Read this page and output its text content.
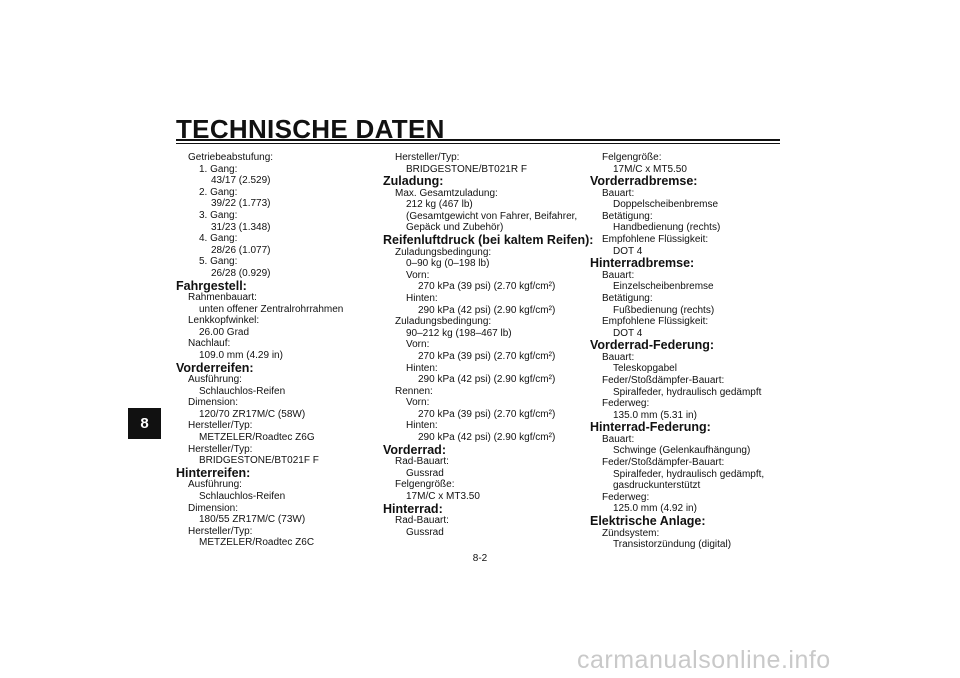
TECHNISCHE DATEN
8
Getriebeabstufung:
1. Gang:
43/17 (2.529)
2. Gang:
39/22 (1.773)
3. Gang:
31/23 (1.348)
4. Gang:
28/26 (1.077)
5. Gang:
26/28 (0.929)
Fahrgestell:
Rahmenbauart:
unten offener Zentralrohrrahmen
Lenkkopfwinkel:
26.00 Grad
Nachlauf:
109.0 mm (4.29 in)
Vorderreifen:
Ausführung:
Schlauchlos-Reifen
Dimension:
120/70 ZR17M/C (58W)
Hersteller/Typ:
METZELER/Roadtec Z6G
Hersteller/Typ:
BRIDGESTONE/BT021F F
Hinterreifen:
Ausführung:
Schlauchlos-Reifen
Dimension:
180/55 ZR17M/C (73W)
Hersteller/Typ:
METZELER/Roadtec Z6C
Hersteller/Typ:
BRIDGESTONE/BT021R F
Zuladung:
Max. Gesamtzuladung:
212 kg (467 lb)
(Gesamtgewicht von Fahrer, Beifahrer,
Gepäck und Zubehör)
Reifenluftdruck (bei kaltem Reifen):
Zuladungsbedingung:
0–90 kg (0–198 lb)
Vorn:
270 kPa (39 psi) (2.70 kgf/cm²)
Hinten:
290 kPa (42 psi) (2.90 kgf/cm²)
Zuladungsbedingung:
90–212 kg (198–467 lb)
Vorn:
270 kPa (39 psi) (2.70 kgf/cm²)
Hinten:
290 kPa (42 psi) (2.90 kgf/cm²)
Rennen:
Vorn:
270 kPa (39 psi) (2.70 kgf/cm²)
Hinten:
290 kPa (42 psi) (2.90 kgf/cm²)
Vorderrad:
Rad-Bauart:
Gussrad
Felgengröße:
17M/C x MT3.50
Hinterrad:
Rad-Bauart:
Gussrad
Felgengröße:
17M/C x MT5.50
Vorderradbremse:
Bauart:
Doppelscheibenbremse
Betätigung:
Handbedienung (rechts)
Empfohlene Flüssigkeit:
DOT 4
Hinterradbremse:
Bauart:
Einzelscheibenbremse
Betätigung:
Fußbedienung (rechts)
Empfohlene Flüssigkeit:
DOT 4
Vorderrad-Federung:
Bauart:
Teleskopgabel
Feder/Stoßdämpfer-Bauart:
Spiralfeder, hydraulisch gedämpft
Federweg:
135.0 mm (5.31 in)
Hinterrad-Federung:
Bauart:
Schwinge (Gelenkaufhängung)
Feder/Stoßdämpfer-Bauart:
Spiralfeder, hydraulisch gedämpft,
gasdruckunterstützt
Federweg:
125.0 mm (4.92 in)
Elektrische Anlage:
Zündsystem:
Transistorzündung (digital)
8-2
carmanualsonline.info
